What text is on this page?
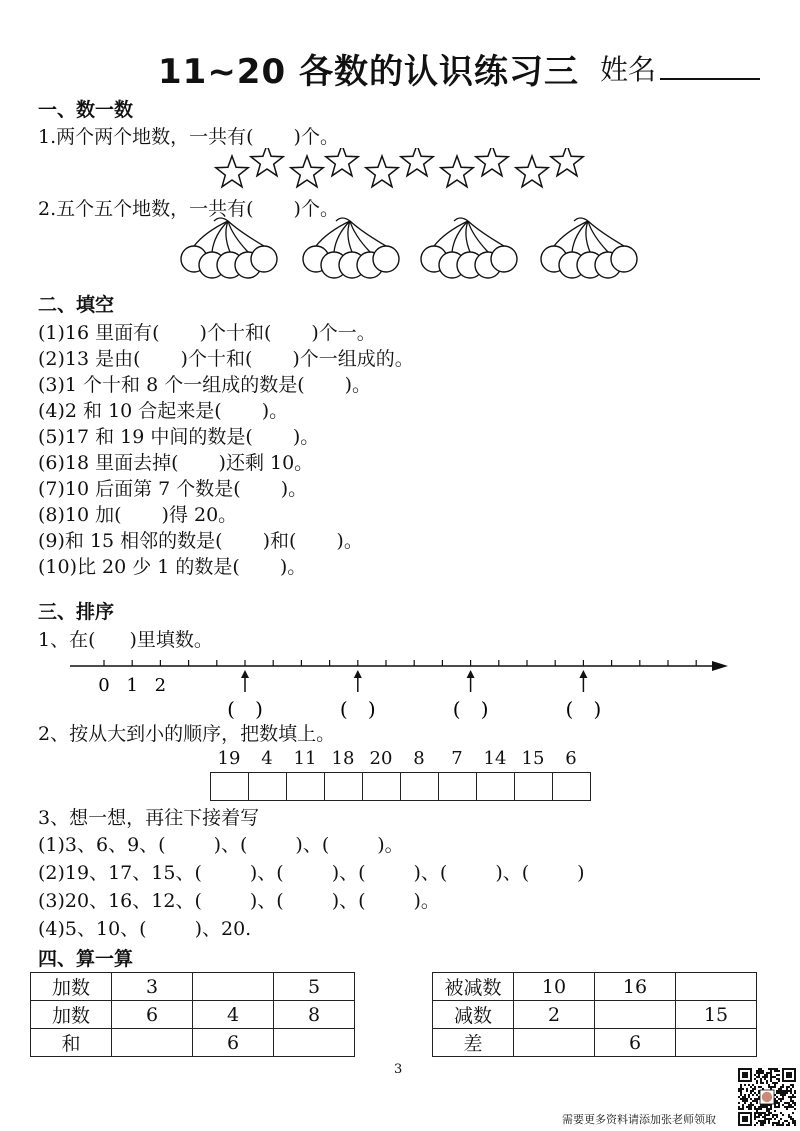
11~20 各数的认识练习三 姓名
一、数一数
1.两个两个地数，一共有( )个。
2.五个五个地数，一共有( )个。
二、填空
(1)16 里面有( )个十和( )个一。
(2)13 是由( )个十和( )个一组成的。
(3)1 个十和 8 个一组成的数是( )。
(4)2 和 10 合起来是( )。
(5)17 和 19 中间的数是( )。
(6)18 里面去掉( )还剩 10。
(7)10 后面第 7 个数是( )。
(8)10 加( )得 20。
(9)和 15 相邻的数是( )和( )。
(10)比 20 少 1 的数是( )。
三、排序
1、在( )里填数。
0 1 2
( )	( )	( )	( )
2、按从大到小的顺序，把数填上。
19	4	11 18 20	8	7	14 15	6
3、想一想，再往下接着写
(1)3、6、9、(	)、(	)、(	)。
(2)19、17、15、(	)、(	)、(	)、(	)、(	)
(3)20、16、12、(	)、(	)、(	)。
(4)5、10、(	)、20.
四、算一算
加数	3		5
加数	6	4	8
和		6	
被减数	10	16	
减数	2		15
差		6	
3
需要更多资料请添加张老师领取
